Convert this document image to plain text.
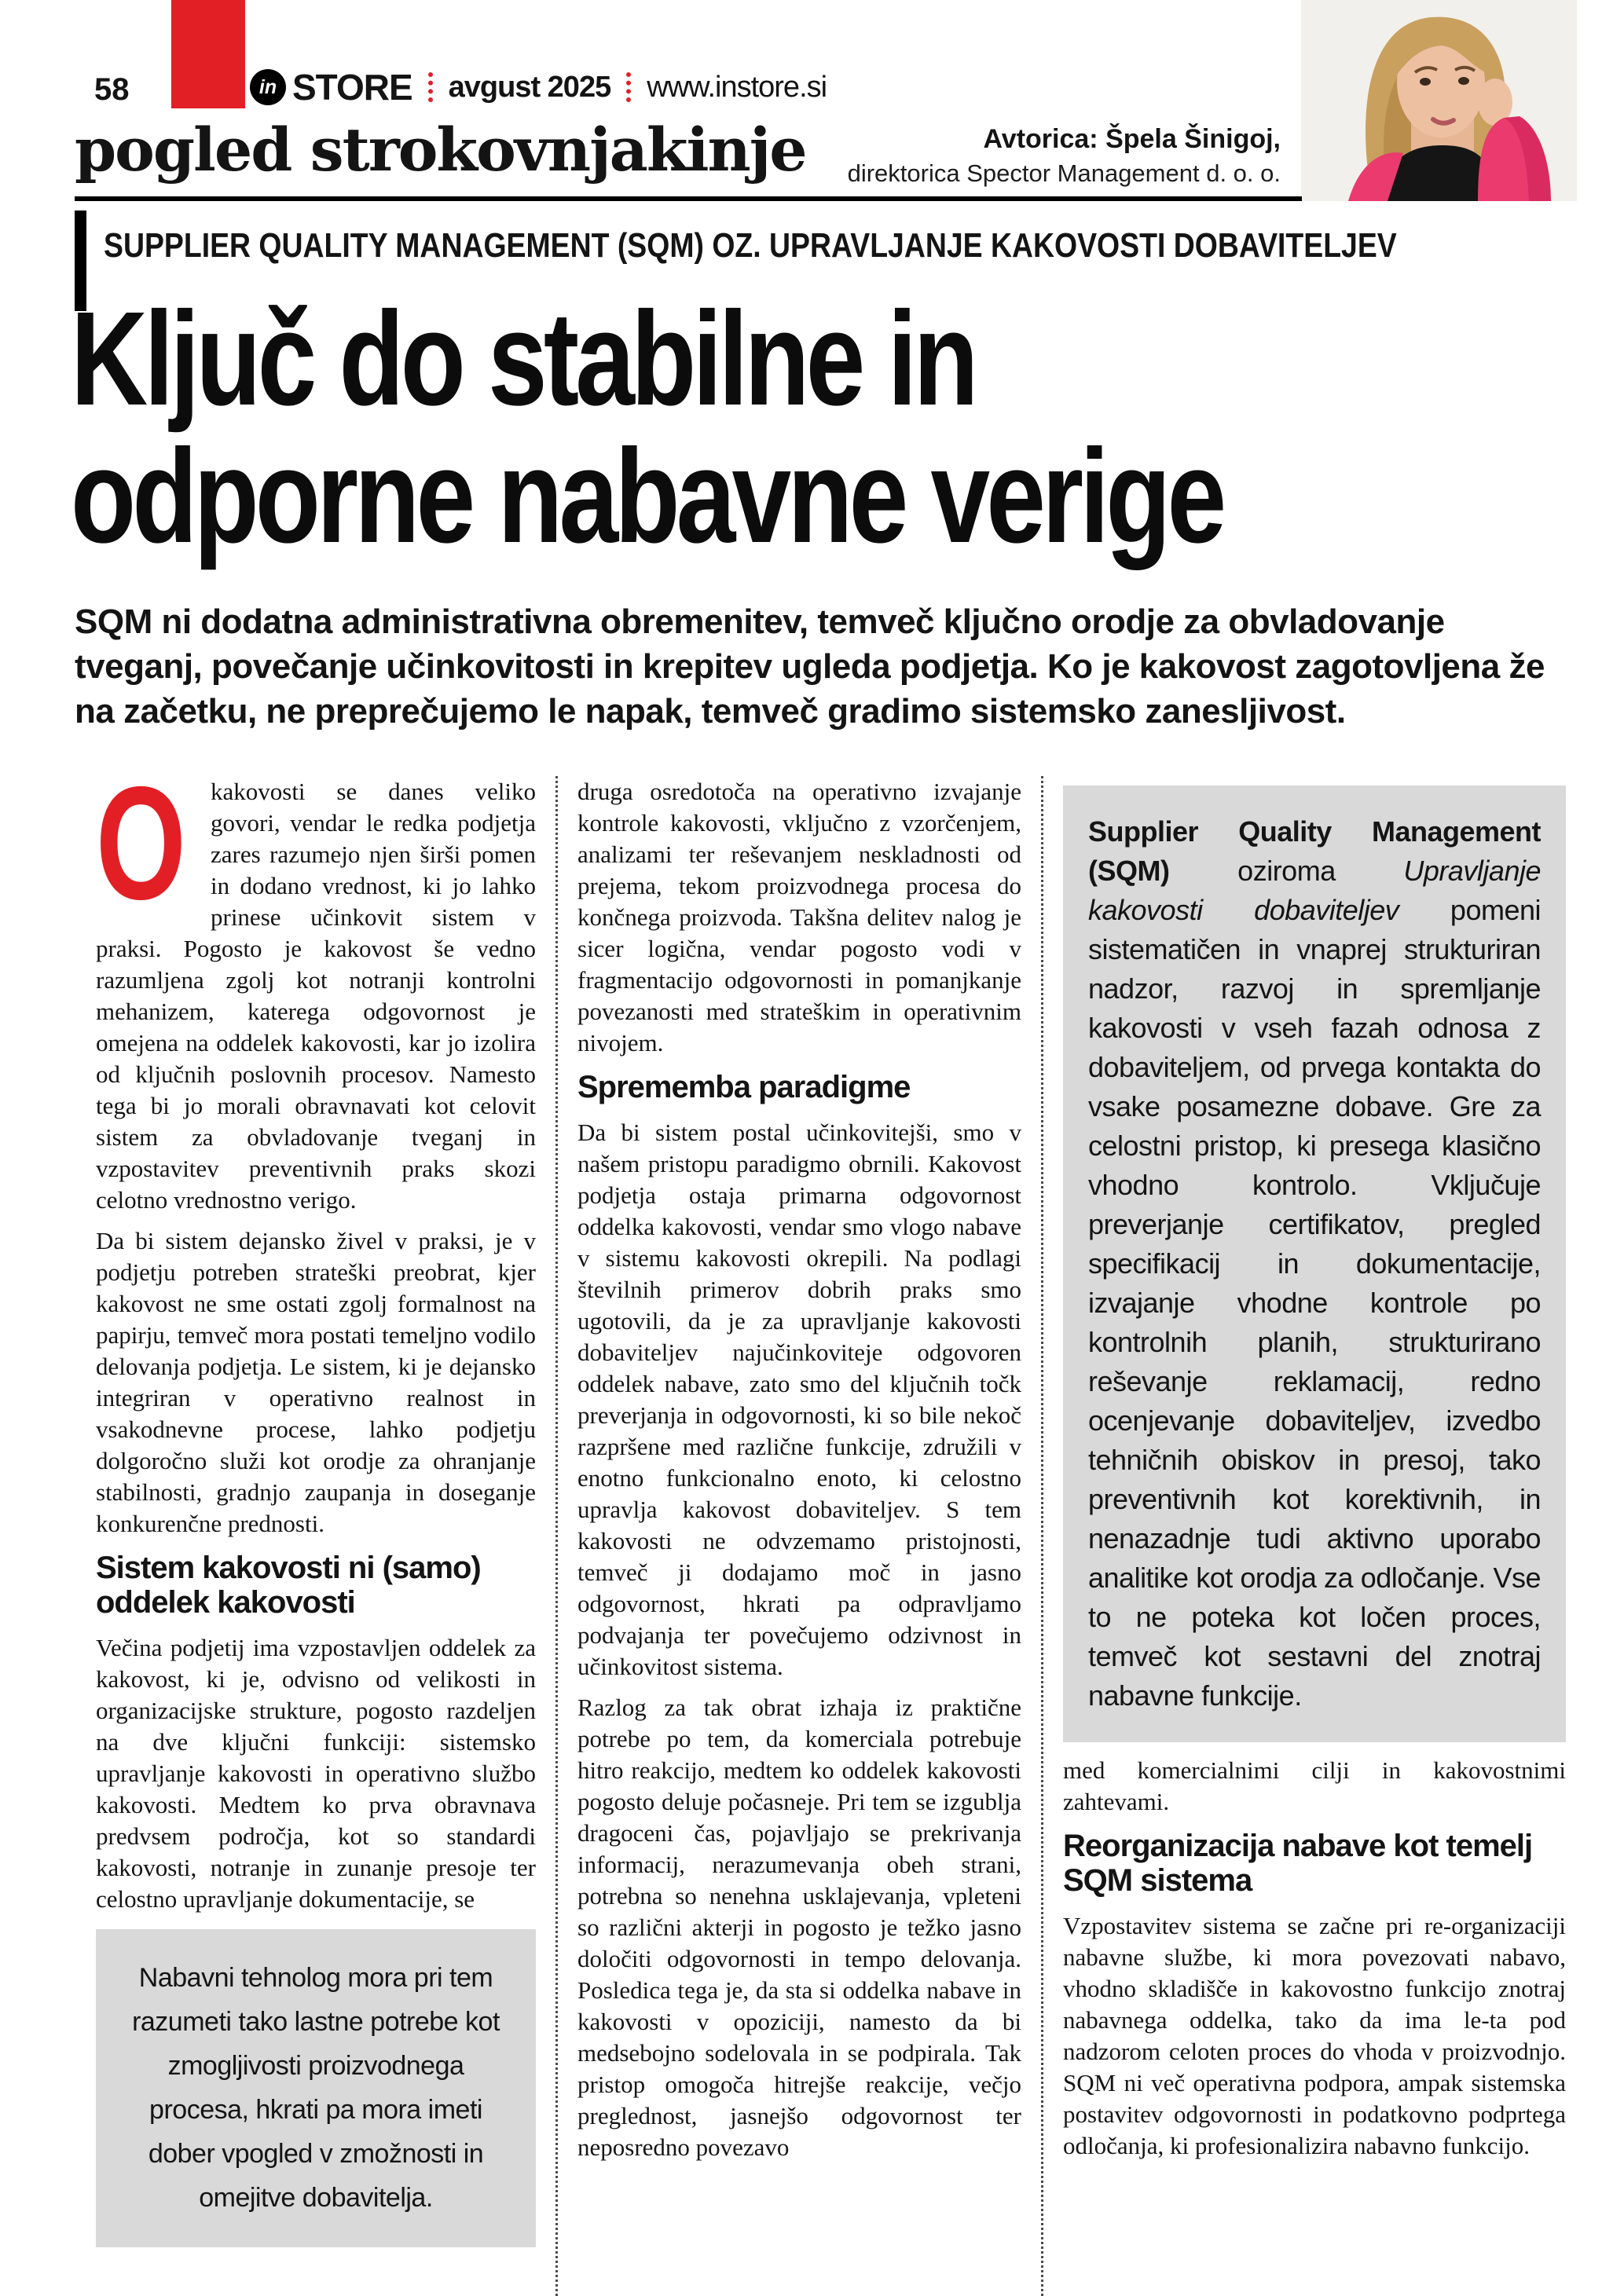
58	in STORE avgust 2025 www.instore.si
pogled strokovnjakinje	Avtorica: Špela Šinigoj,
direktorica Spector Management d. o. o.
SUPPLIER QUALITY MANAGEMENT (SQM) OZ. UPRAVLJANJE KAKOVOSTI DOBAVITELJEV
Ključ do stabilne in
odporne nabavne verige
SQM ni dodatna administrativna obremenitev, temveč ključno orodje za obvladovanje tveganj, povečanje učinkovitosti in krepitev ugleda podjetja. Ko je kakovost zagotovljena že na začetku, ne preprečujemo le napak, temveč gradimo sistemsko zanesljivost.

O kakovosti se danes veliko govori, vendar le redka podjetja zares razumejo njen širši pomen in dodano vrednost, ki jo lahko prinese učinkovit sistem v praksi. Pogosto je kakovost še vedno razumljena zgolj kot notranji kontrolni mehanizem, katerega odgovornost je omejena na oddelek kakovosti, kar jo izolira od ključnih poslovnih procesov. Namesto tega bi jo morali obravnavati kot celovit sistem za obvladovanje tveganj in vzpostavitev preventivnih praks skozi celotno vrednostno verigo.

Da bi sistem dejansko živel v praksi, je v podjetju potreben strateški preobrat, kjer kakovost ne sme ostati zgolj formalnost na papirju, temveč mora postati temeljno vodilo delovanja podjetja. Le sistem, ki je dejansko integriran v operativno realnost in vsakodnevne procese, lahko podjetju dolgoročno služi kot orodje za ohranjanje stabilnosti, gradnjo zaupanja in doseganje konkurenčne prednosti.

Sistem kakovosti ni (samo) oddelek kakovosti

Večina podjetij ima vzpostavljen oddelek za kakovost, ki je, odvisno od velikosti in organizacijske strukture, pogosto razdeljen na dve ključni funkciji: sistemsko upravljanje kakovosti in operativno službo kakovosti. Medtem ko prva obravnava predvsem področja, kot so standardi kakovosti, notranje in zunanje presoje ter celostno upravljanje dokumentacije, se

Nabavni tehnolog mora pri tem razumeti tako lastne potrebe kot zmogljivosti proizvodnega procesa, hkrati pa mora imeti dober vpogled v zmožnosti in omejitve dobavitelja.

druga osredotoča na operativno izvajanje kontrole kakovosti, vključno z vzorčenjem, analizami ter reševanjem neskladnosti od prejema, tekom proizvodnega procesa do končnega proizvoda. Takšna delitev nalog je sicer logična, vendar pogosto vodi v fragmentacijo odgovornosti in pomanjkanje povezanosti med strateškim in operativnim nivojem.

Sprememba paradigme

Da bi sistem postal učinkovitejši, smo v našem pristopu paradigmo obrnili. Kakovost podjetja ostaja primarna odgovornost oddelka kakovosti, vendar smo vlogo nabave v sistemu kakovosti okrepili. Na podlagi številnih primerov dobrih praks smo ugotovili, da je za upravljanje kakovosti dobaviteljev najučinkoviteje odgovoren oddelek nabave, zato smo del ključnih točk preverjanja in odgovornosti, ki so bile nekoč razpršene med različne funkcije, združili v enotno funkcionalno enoto, ki celostno upravlja kakovost dobaviteljev. S tem kakovosti ne odvzemamo pristojnosti, temveč ji dodajamo moč in jasno odgovornost, hkrati pa odpravljamo podvajanja ter povečujemo odzivnost in učinkovitost sistema.

Razlog za tak obrat izhaja iz praktične potrebe po tem, da komerciala potrebuje hitro reakcijo, medtem ko oddelek kakovosti pogosto deluje počasneje. Pri tem se izgublja dragoceni čas, pojavljajo se prekrivanja informacij, nerazumevanja obeh strani, potrebna so nenehna usklajevanja, vpleteni so različni akterji in pogosto je težko jasno določiti odgovornosti in tempo delovanja. Posledica tega je, da sta si oddelka nabave in kakovosti v opoziciji, namesto da bi medsebojno sodelovala in se podpirala. Tak pristop omogoča hitrejše reakcije, večjo preglednost, jasnejšo odgovornost ter neposredno povezavo

Supplier Quality Management (SQM) oziroma Upravljanje kakovosti dobaviteljev pomeni sistematičen in vnaprej strukturiran nadzor, razvoj in spremljanje kakovosti v vseh fazah odnosa z dobaviteljem, od prvega kontakta do vsake posamezne dobave. Gre za celostni pristop, ki presega klasično vhodno kontrolo. Vključuje preverjanje certifikatov, pregled specifikacij in dokumentacije, izvajanje vhodne kontrole po kontrolnih planih, strukturirano reševanje reklamacij, redno ocenjevanje dobaviteljev, izvedbo tehničnih obiskov in presoj, tako preventivnih kot korektivnih, in nenazadnje tudi aktivno uporabo analitike kot orodja za odločanje. Vse to ne poteka kot ločen proces, temveč kot sestavni del znotraj nabavne funkcije.

med komercialnimi cilji in kakovostnimi zahtevami.

Reorganizacija nabave kot temelj SQM sistema

Vzpostavitev sistema se začne pri re-organizaciji nabavne službe, ki mora povezovati nabavo, vhodno skladišče in kakovostno funkcijo znotraj nabavnega oddelka, tako da ima le-ta pod nadzorom celoten proces do vhoda v proizvodnjo. SQM ni več operativna podpora, ampak sistemska postavitev odgovornosti in podatkovno podprtega odločanja, ki profesionalizira nabavno funkcijo.
